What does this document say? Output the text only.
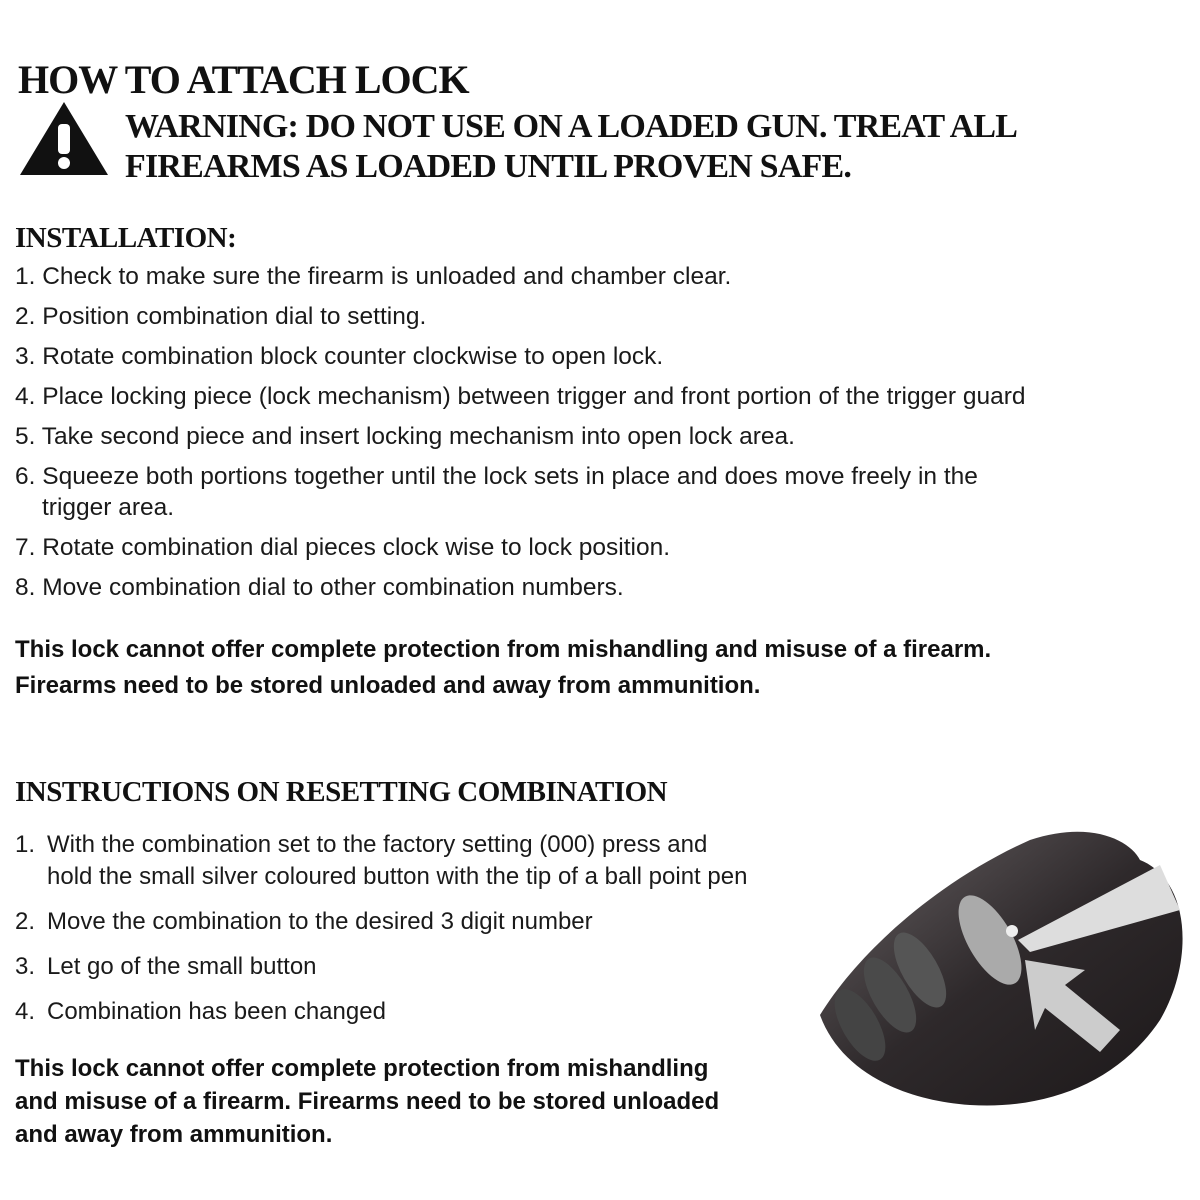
HOW TO ATTACH LOCK
WARNING: DO NOT USE ON A LOADED GUN. TREAT ALL
FIREARMS AS LOADED UNTIL PROVEN SAFE.
INSTALLATION:
1. Check to make sure the firearm is unloaded and chamber clear.
2. Position combination dial to setting.
3. Rotate combination block counter clockwise to open lock.
4. Place locking piece (lock mechanism) between trigger and front portion of the trigger guard
5. Take second piece and insert locking mechanism into open lock area.
6. Squeeze both portions together until the lock sets in place and does move freely in the
trigger area.
7. Rotate combination dial pieces clock wise to lock position.
8. Move combination dial to other combination numbers.
This lock cannot offer complete protection from mishandling and misuse of a firearm.
Firearms need to be stored unloaded and away from ammunition.
INSTRUCTIONS ON RESETTING COMBINATION
1. With the combination set to the factory setting (000) press and
hold the small silver coloured button with the tip of a ball point pen
2. Move the combination to the desired 3 digit number
3. Let go of the small button
4. Combination has been changed
This lock cannot offer complete protection from mishandling
and misuse of a firearm. Firearms need to be stored unloaded
and away from ammunition.
